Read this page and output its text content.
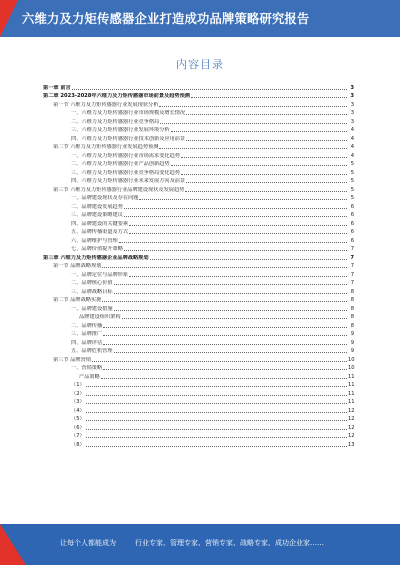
六维力及力矩传感器企业打造成功品牌策略研究报告
内容目录
第一章 前言	3
第二章 2023-2028年六维力及力矩传感器市场前景及趋势预测	3
第一节 六维力及力矩传感器行业发展现状分析	3
一、六维力及力矩传感器行业市场规模及增长情况	3
二、六维力及力矩传感器行业竞争格局	3
三、六维力及力矩传感器行业发展环境分析	4
四、六维力及力矩传感器行业技术创新及应用前景	4
第二节 六维力及力矩传感器行业发展趋势预测	4
一、六维力及力矩传感器行业市场需求变化趋势	4
二、六维力及力矩传感器行业产品创新趋势	5
三、六维力及力矩传感器行业竞争格局变化趋势	5
四、六维力及力矩传感器行业未来发展方向及前景	5
第三节 六维力及力矩传感器行业品牌建设现状及发展趋势	5
一、品牌建设现状及存在问题	5
二、品牌建设发展趋势	6
三、品牌建设策略建议	6
四、品牌建设的关键要素	6
五、品牌传播渠道及方式	6
六、品牌维护与管理	6
七、品牌价值提升策略	7
第三章 六维力及力矩传感器企业品牌战略规划	7
第一节 品牌战略规划	7
一、品牌定位与品牌形象	7
二、品牌核心价值	7
三、品牌战略目标	8
第二节 品牌战略实施	8
一、品牌建设措施	8
品牌建设组织架构	8
二、品牌传播	8
三、品牌推广	9
四、品牌评估	9
五、品牌危机管理	9
第三节 品牌营销	10
一、营销策略	10
产品策略	11
（1）	11
（2）	11
（3）	11
（4）	12
（5）	12
（6）	12
（7）	12
（8）	13
让每个人都能成为	行业专家、管理专家、营销专家、战略专家、成功企业家……
